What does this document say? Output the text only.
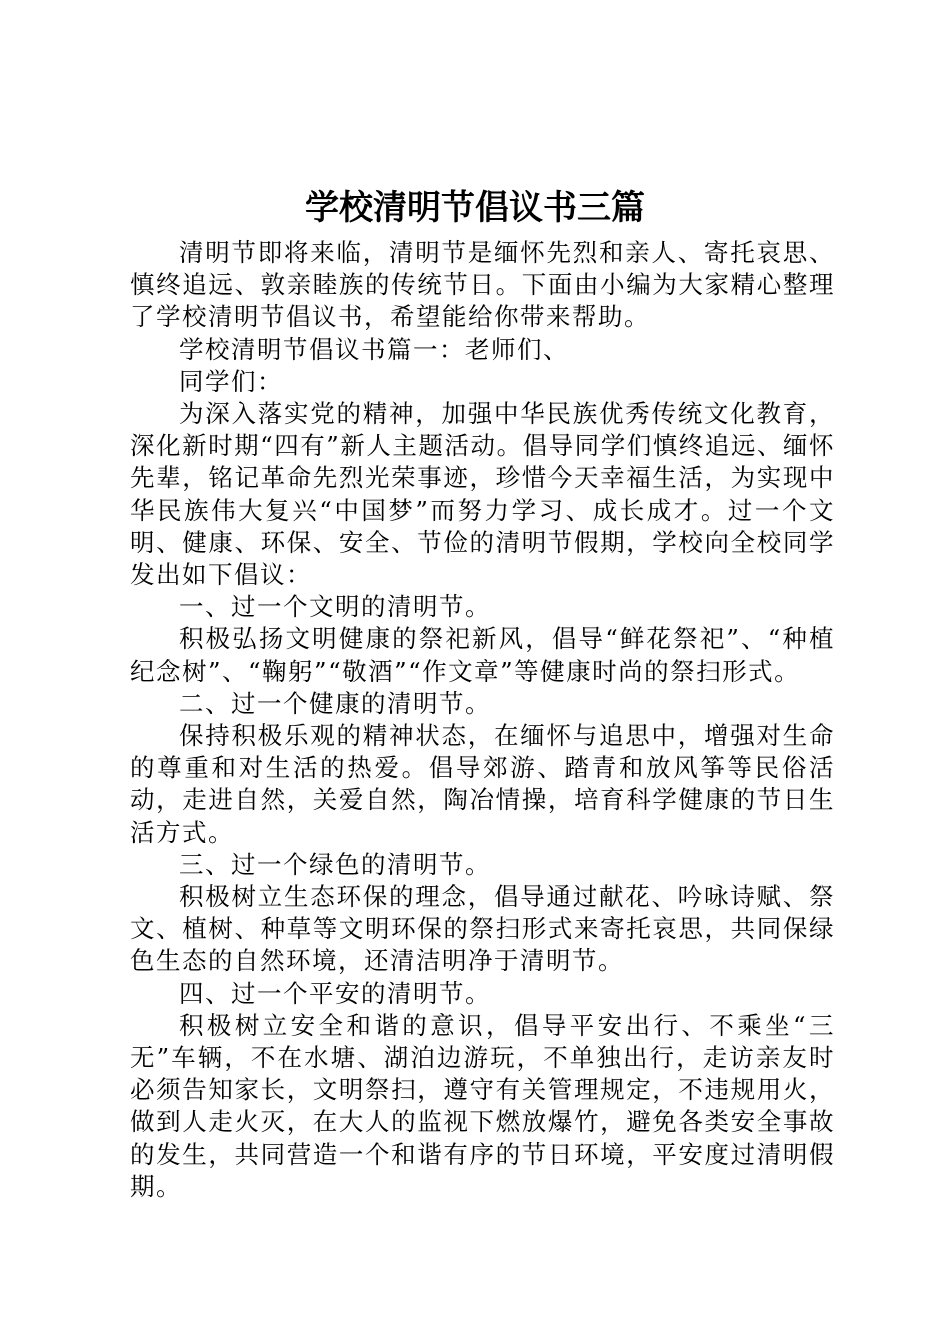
学校清明节倡议书三篇

清明节即将来临，清明节是缅怀先烈和亲人、寄托哀思、慎终追远、敦亲睦族的传统节日。下面由小编为大家精心整理了学校清明节倡议书，希望能给你带来帮助。

学校清明节倡议书篇一：老师们、

同学们：

为深入落实党的精神，加强中华民族优秀传统文化教育，深化新时期“四有”新人主题活动。倡导同学们慎终追远、缅怀先辈，铭记革命先烈光荣事迹，珍惜今天幸福生活，为实现中华民族伟大复兴“中国梦”而努力学习、成长成才。过一个文明、健康、环保、安全、节俭的清明节假期，学校向全校同学发出如下倡议：

一、过一个文明的清明节。

积极弘扬文明健康的祭祀新风，倡导“鲜花祭祀”、“种植纪念树”、“鞠躬”“敬酒”“作文章”等健康时尚的祭扫形式。

二、过一个健康的清明节。

保持积极乐观的精神状态，在缅怀与追思中，增强对生命的尊重和对生活的热爱。倡导郊游、踏青和放风筝等民俗活动，走进自然，关爱自然，陶冶情操，培育科学健康的节日生活方式。

三、过一个绿色的清明节。

积极树立生态环保的理念，倡导通过献花、吟咏诗赋、祭文、植树、种草等文明环保的祭扫形式来寄托哀思，共同保绿色生态的自然环境，还清洁明净于清明节。

四、过一个平安的清明节。

积极树立安全和谐的意识，倡导平安出行、不乘坐“三无”车辆，不在水塘、湖泊边游玩，不单独出行，走访亲友时必须告知家长，文明祭扫，遵守有关管理规定，不违规用火，做到人走火灭，在大人的监视下燃放爆竹，避免各类安全事故的发生，共同营造一个和谐有序的节日环境，平安度过清明假期。
